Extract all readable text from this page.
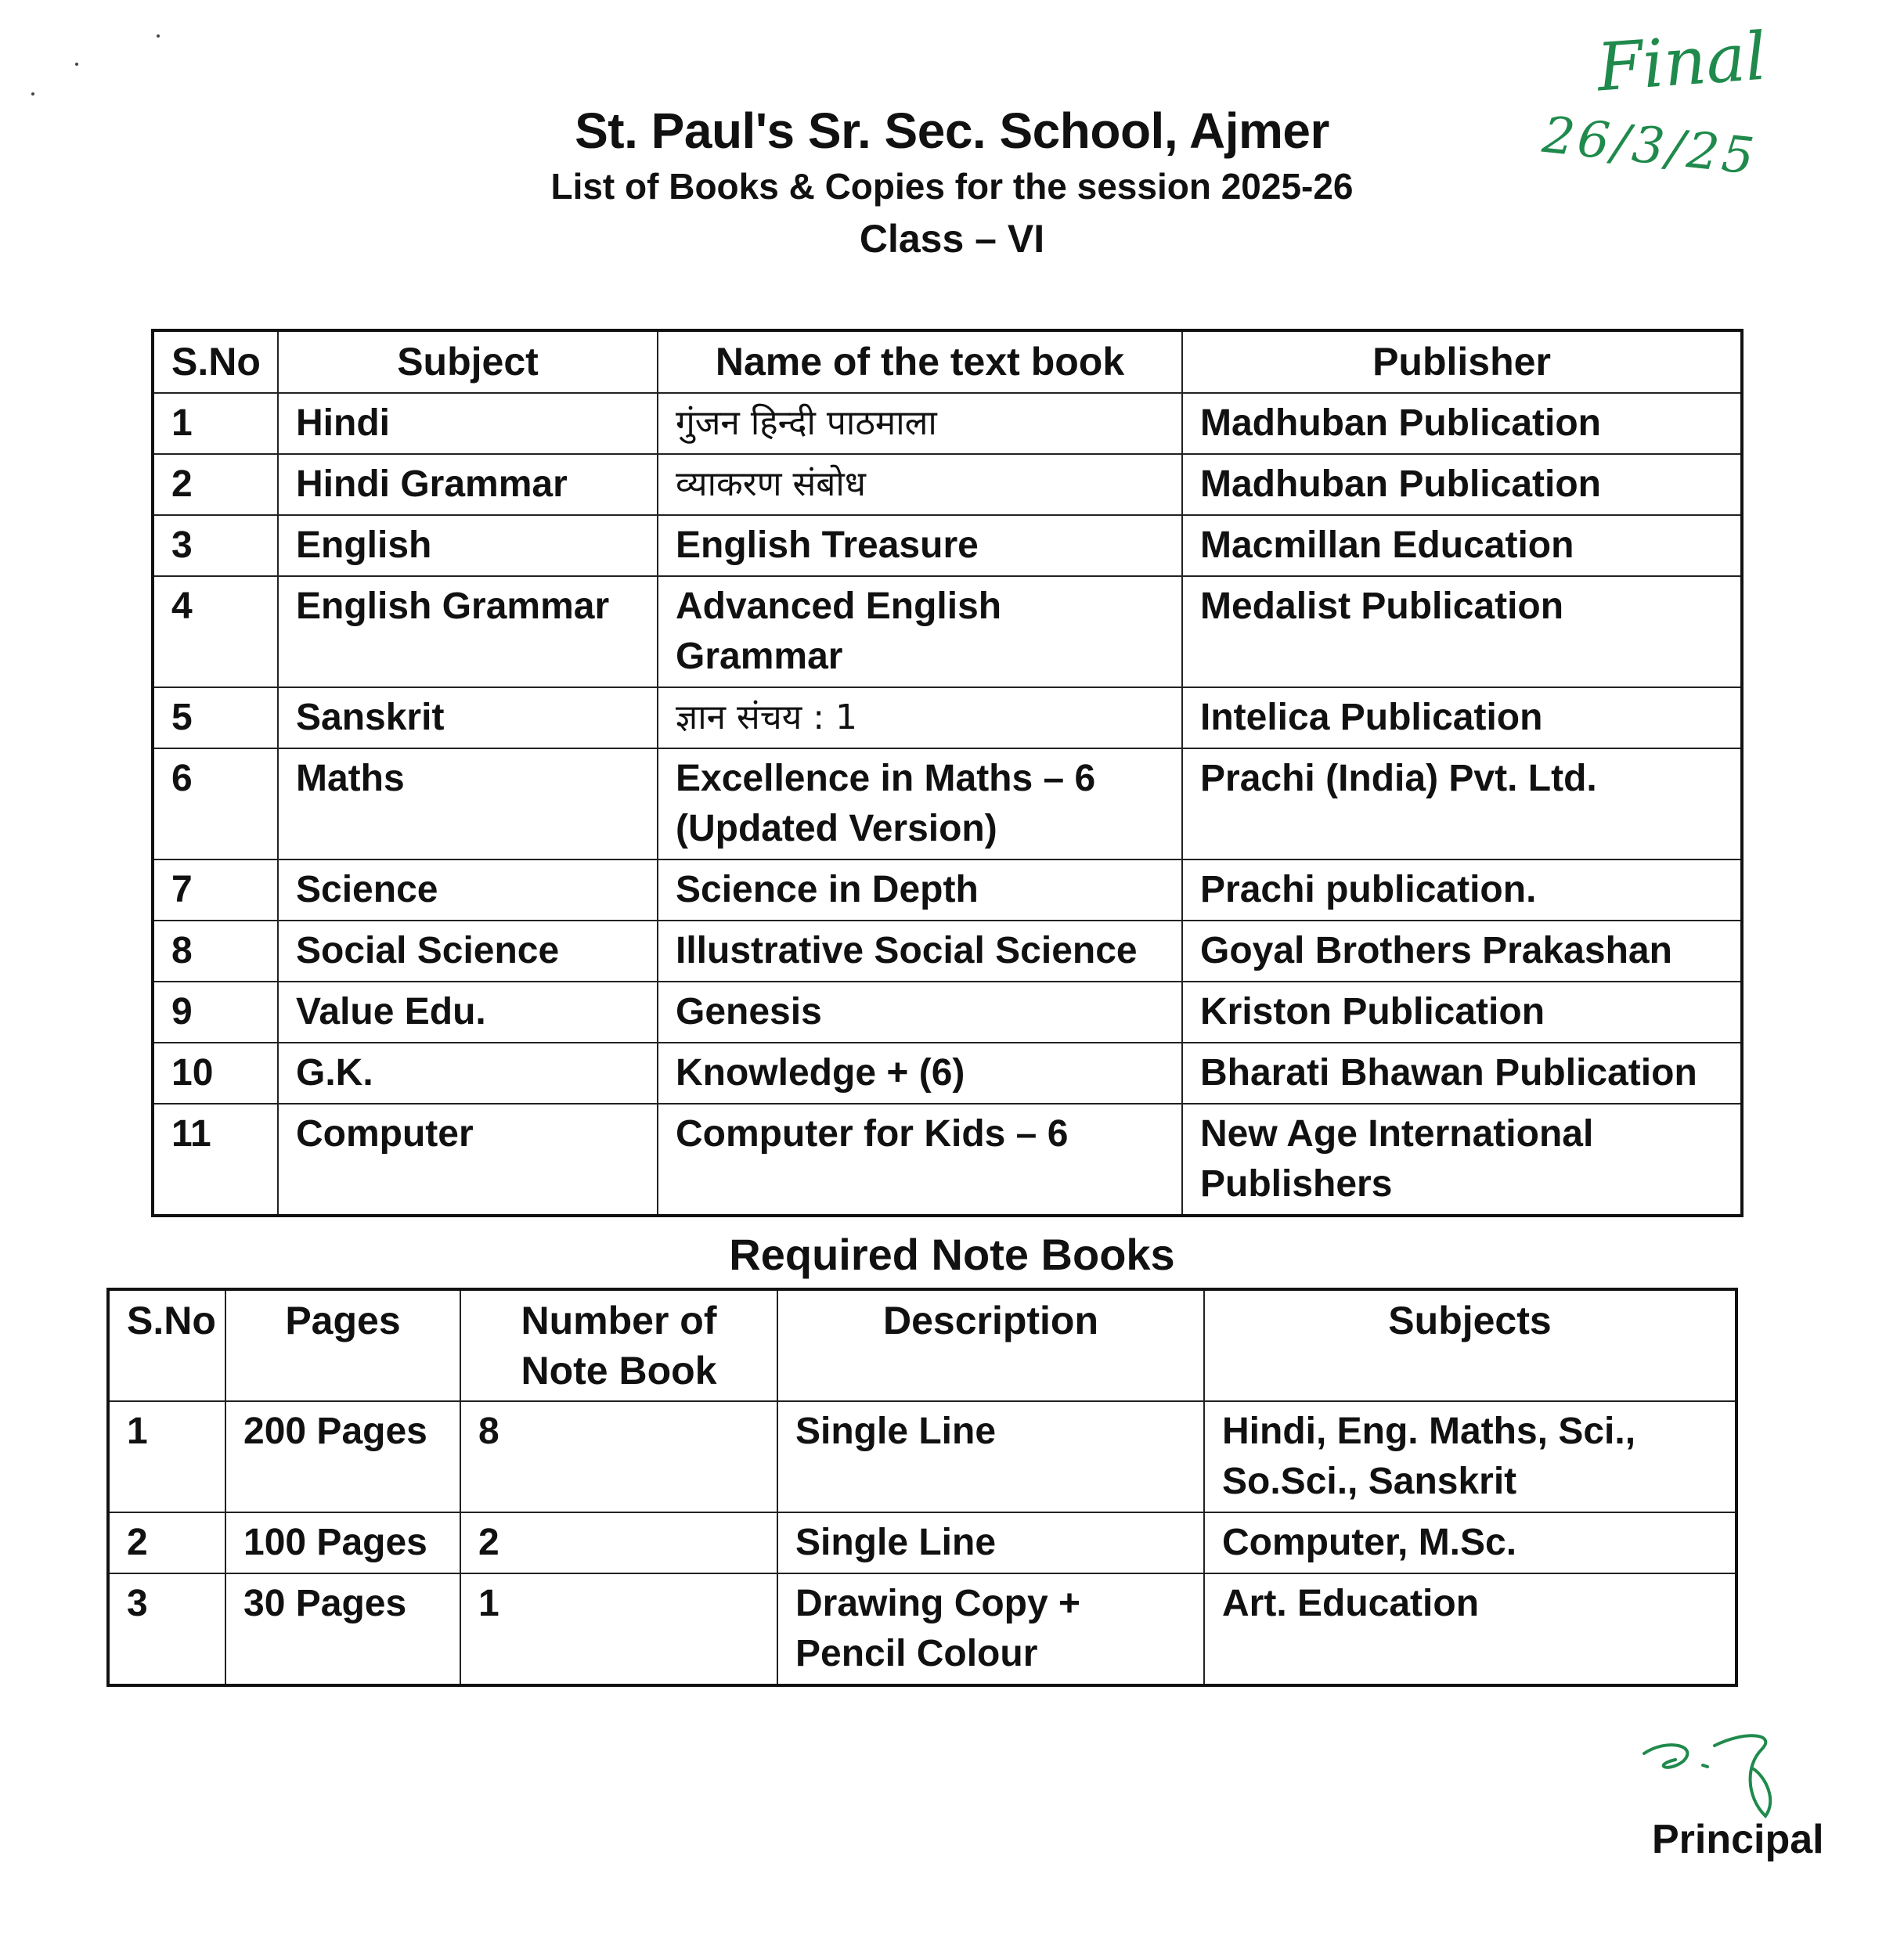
Final
26/3/25
St. Paul's Sr. Sec. School, Ajmer
List of Books & Copies for the session 2025-26
Class – VI
S.No	Subject	Name of the text book	Publisher
1	Hindi	गुंजन हिन्दी पाठमाला	Madhuban Publication
2	Hindi Grammar	व्याकरण संबोध	Madhuban Publication
3	English	English Treasure	Macmillan Education
4	English Grammar	Advanced English Grammar	Medalist Publication
5	Sanskrit	ज्ञान संचय : 1	Intelica Publication
6	Maths	Excellence in Maths – 6 (Updated Version)	Prachi (India) Pvt. Ltd.
7	Science	Science in Depth	Prachi publication.
8	Social Science	Illustrative Social Science	Goyal Brothers Prakashan
9	Value Edu.	Genesis	Kriston Publication
10	G.K.	Knowledge + (6)	Bharati Bhawan Publication
11	Computer	Computer for Kids – 6	New Age International Publishers
Required Note Books
S.No	Pages	Number of Note Book	Description	Subjects
1	200 Pages	8	Single Line	Hindi, Eng. Maths, Sci., So.Sci., Sanskrit
2	100 Pages	2	Single Line	Computer, M.Sc.
3	30 Pages	1	Drawing Copy + Pencil Colour	Art. Education
Principal
